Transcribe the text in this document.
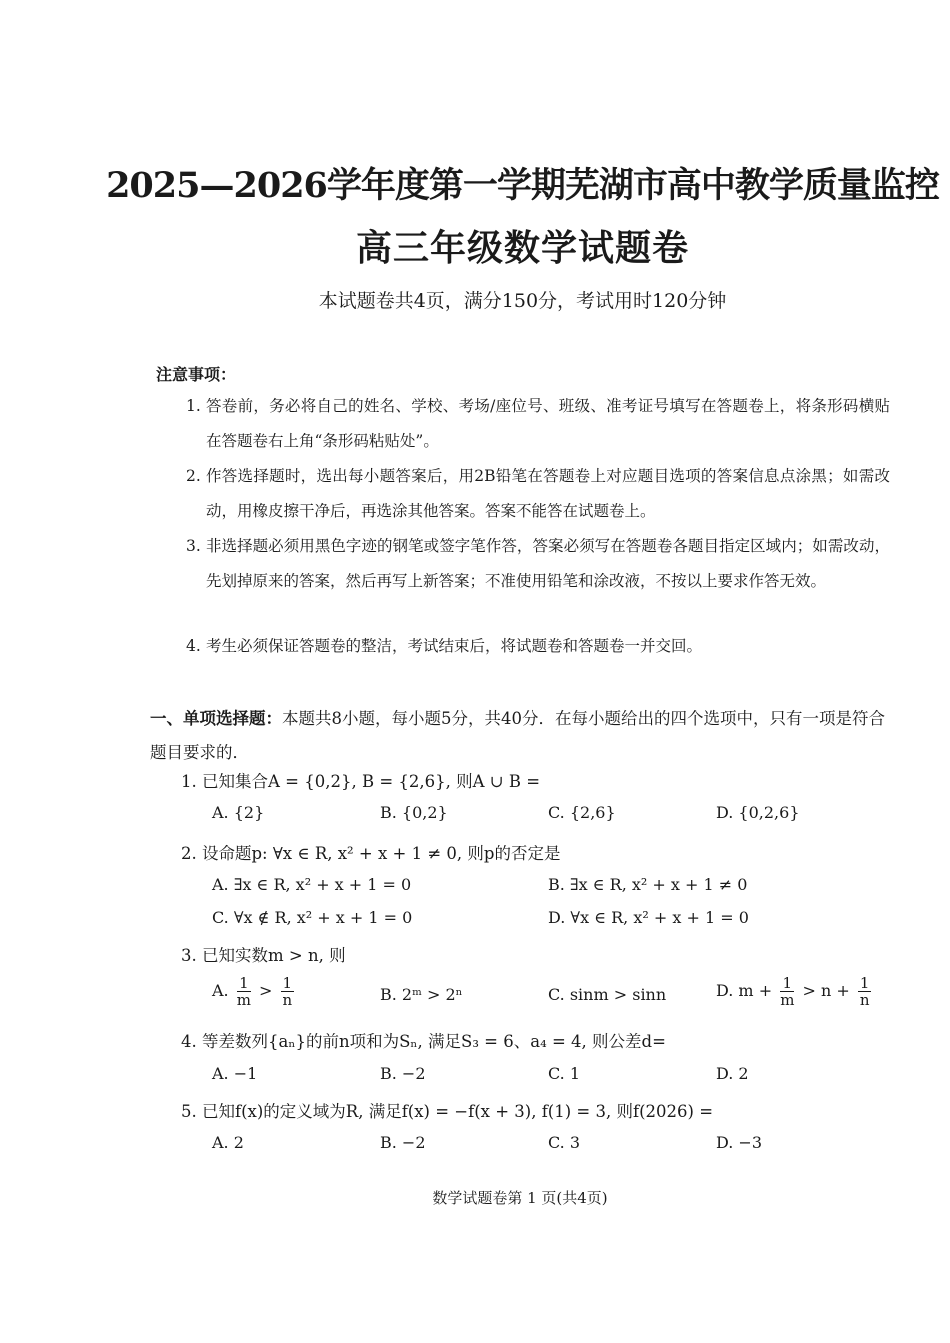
2025—2026学年度第一学期芜湖市高中教学质量监控
高三年级数学试题卷
本试题卷共4页，满分150分，考试用时120分钟
注意事项：
1. 答卷前，务必将自己的姓名、学校、考场/座位号、班级、准考证号填写在答题卷上，将条形码横贴在答题卷右上角“条形码粘贴处”。
2. 作答选择题时，选出每小题答案后，用2B铅笔在答题卷上对应题目选项的答案信息点涂黑；如需改动，用橡皮擦干净后，再选涂其他答案。答案不能答在试题卷上。
3. 非选择题必须用黑色字迹的钢笔或签字笔作答，答案必须写在答题卷各题目指定区域内；如需改动，先划掉原来的答案，然后再写上新答案；不准使用铅笔和涂改液，不按以上要求作答无效。
4. 考生必须保证答题卷的整洁，考试结束后，将试题卷和答题卷一并交回。
一、单项选择题：本题共8小题，每小题5分，共40分．在每小题给出的四个选项中，只有一项是符合题目要求的．
1. 已知集合A = {0,2}, B = {2,6}, 则A ∪ B =
A. {2}	B. {0,2}	C. {2,6}	D. {0,2,6}
2. 设命题p: ∀x ∈ R, x² + x + 1 ≠ 0, 则p的否定是
A. ∃x ∈ R, x² + x + 1 = 0	B. ∃x ∈ R, x² + x + 1 ≠ 0
C. ∀x ∉ R, x² + x + 1 = 0	D. ∀x ∈ R, x² + x + 1 = 0
3. 已知实数m > n, 则
A. $\frac{1}{m} > \frac{1}{n}$	B. 2ᵐ > 2ⁿ	C. sinm > sinn	D. $m + \frac{1}{m} > n + \frac{1}{n}$
4. 等差数列{aₙ}的前n项和为Sₙ, 满足S₃ = 6、a₄ = 4, 则公差d=
A. −1	B. −2	C. 1	D. 2
5. 已知f(x)的定义域为R, 满足f(x) = −f(x + 3), f(1) = 3, 则f(2026) =
A. 2	B. −2	C. 3	D. −3
数学试题卷第 1 页(共4页)
